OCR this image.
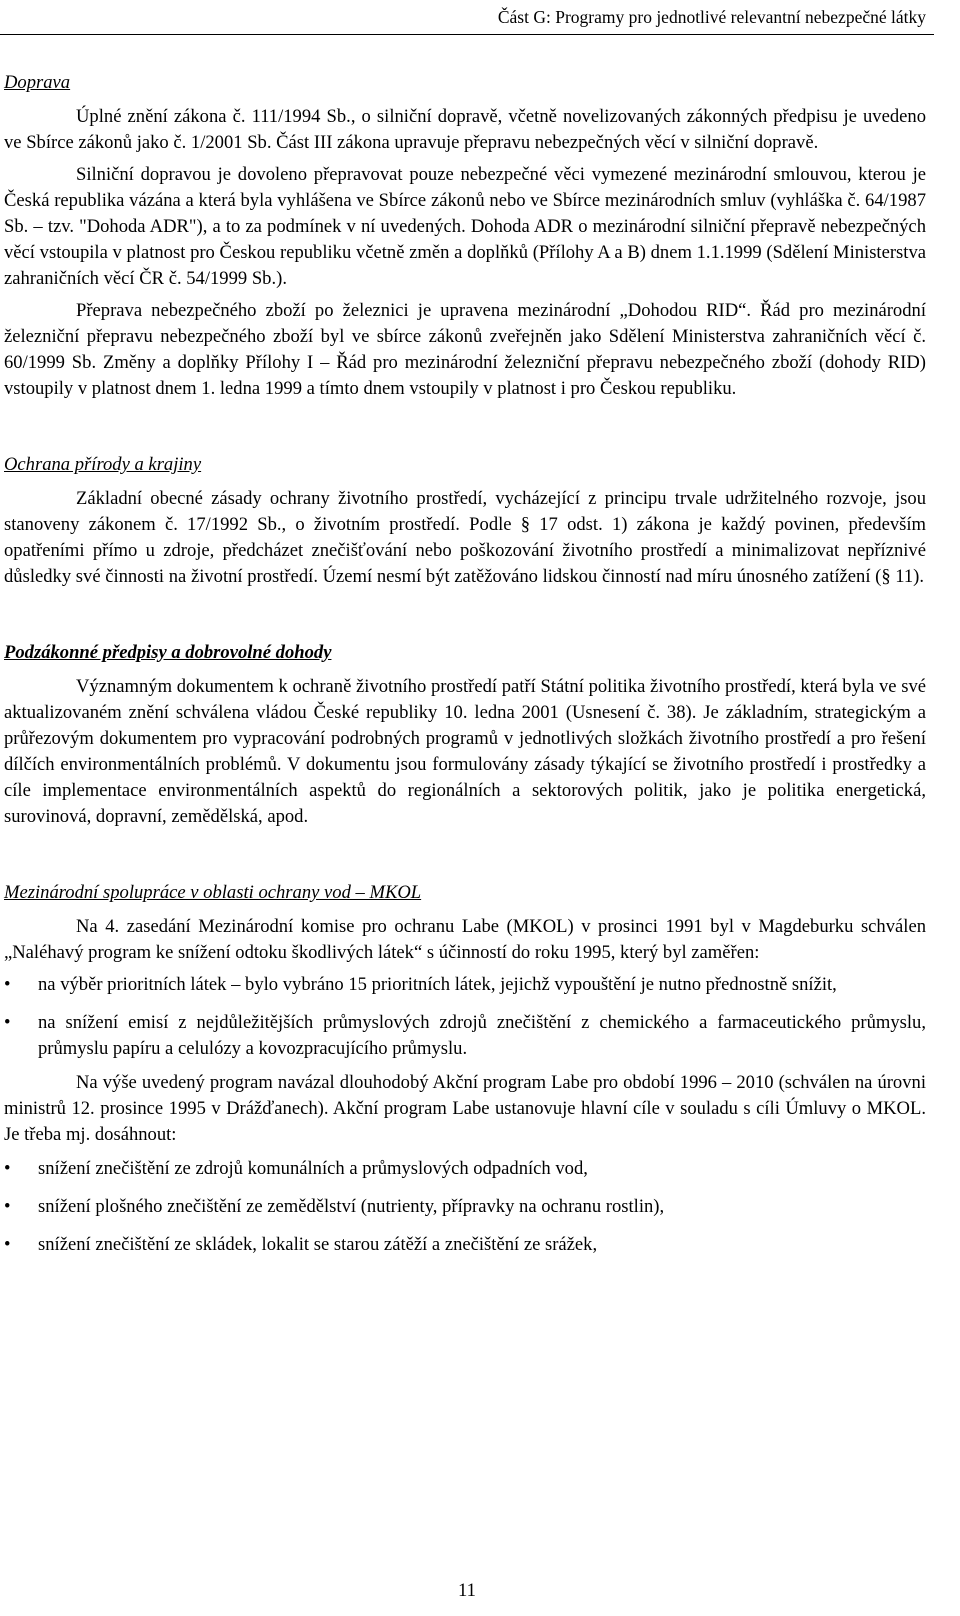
Část G: Programy pro jednotlivé relevantní nebezpečné látky
Doprava

Úplné znění zákona č. 111/1994 Sb., o silniční dopravě, včetně novelizovaných zákonných předpisu je uvedeno ve Sbírce zákonů jako č. 1/2001 Sb. Část III zákona upravuje přepravu nebezpečných věcí v silniční dopravě.

Silniční dopravou je dovoleno přepravovat pouze nebezpečné věci vymezené mezinárodní smlouvou, kterou je Česká republika vázána a která byla vyhlášena ve Sbírce zákonů nebo ve Sbírce mezinárodních smluv (vyhláška č. 64/1987 Sb. – tzv. "Dohoda ADR"), a to za podmínek v ní uvedených. Dohoda ADR o mezinárodní silniční přepravě nebezpečných věcí vstoupila v platnost pro Českou republiku včetně změn a doplňků (Přílohy A a B) dnem 1.1.1999 (Sdělení Ministerstva zahraničních věcí ČR č. 54/1999 Sb.).

Přeprava nebezpečného zboží po železnici je upravena mezinárodní „Dohodou RID“. Řád pro mezinárodní železniční přepravu nebezpečného zboží byl ve sbírce zákonů zveřejněn jako Sdělení Ministerstva zahraničních věcí č. 60/1999 Sb. Změny a doplňky Přílohy I – Řád pro mezinárodní železniční přepravu nebezpečného zboží (dohody RID) vstoupily v platnost dnem 1. ledna 1999 a tímto dnem vstoupily v platnost i pro Českou republiku.

Ochrana přírody a krajiny

Základní obecné zásady ochrany životního prostředí, vycházející z principu trvale udržitelného rozvoje, jsou stanoveny zákonem č. 17/1992 Sb., o životním prostředí. Podle § 17 odst. 1) zákona je každý povinen, především opatřeními přímo u zdroje, předcházet znečišťování nebo poškozování životního prostředí a minimalizovat nepříznivé důsledky své činnosti na životní prostředí. Území nesmí být zatěžováno lidskou činností nad míru únosného zatížení (§ 11).

Podzákonné předpisy a dobrovolné dohody

Významným dokumentem k ochraně životního prostředí patří Státní politika životního prostředí, která byla ve své aktualizovaném znění schválena vládou České republiky 10. ledna 2001 (Usnesení č. 38). Je základním, strategickým a průřezovým dokumentem pro vypracování podrobných programů v jednotlivých složkách životního prostředí a pro řešení dílčích environmentálních problémů. V dokumentu jsou formulovány zásady týkající se životního prostředí i prostředky a cíle implementace environmentálních aspektů do regionálních a sektorových politik, jako je politika energetická, surovinová, dopravní, zemědělská, apod.

Mezinárodní spolupráce v oblasti ochrany vod – MKOL

Na 4. zasedání Mezinárodní komise pro ochranu Labe (MKOL) v prosinci 1991 byl v Magdeburku schválen „Naléhavý program ke snížení odtoku škodlivých látek“ s účinností do roku 1995, který byl zaměřen:

• na výběr prioritních látek – bylo vybráno 15 prioritních látek, jejichž vypouštění je nutno přednostně snížit,
• na snížení emisí z nejdůležitějších průmyslových zdrojů znečištění z chemického a farmaceutického průmyslu, průmyslu papíru a celulózy a kovozpracujícího průmyslu.

Na výše uvedený program navázal dlouhodobý Akční program Labe pro období 1996 – 2010 (schválen na úrovni ministrů 12. prosince 1995 v Drážďanech). Akční program Labe ustanovuje hlavní cíle v souladu s cíli Úmluvy o MKOL. Je třeba mj. dosáhnout:

• snížení znečištění ze zdrojů komunálních a průmyslových odpadních vod,
• snížení plošného znečištění ze zemědělství (nutrienty, přípravky na ochranu rostlin),
• snížení znečištění ze skládek, lokalit se starou zátěží a znečištění ze srážek,
11
